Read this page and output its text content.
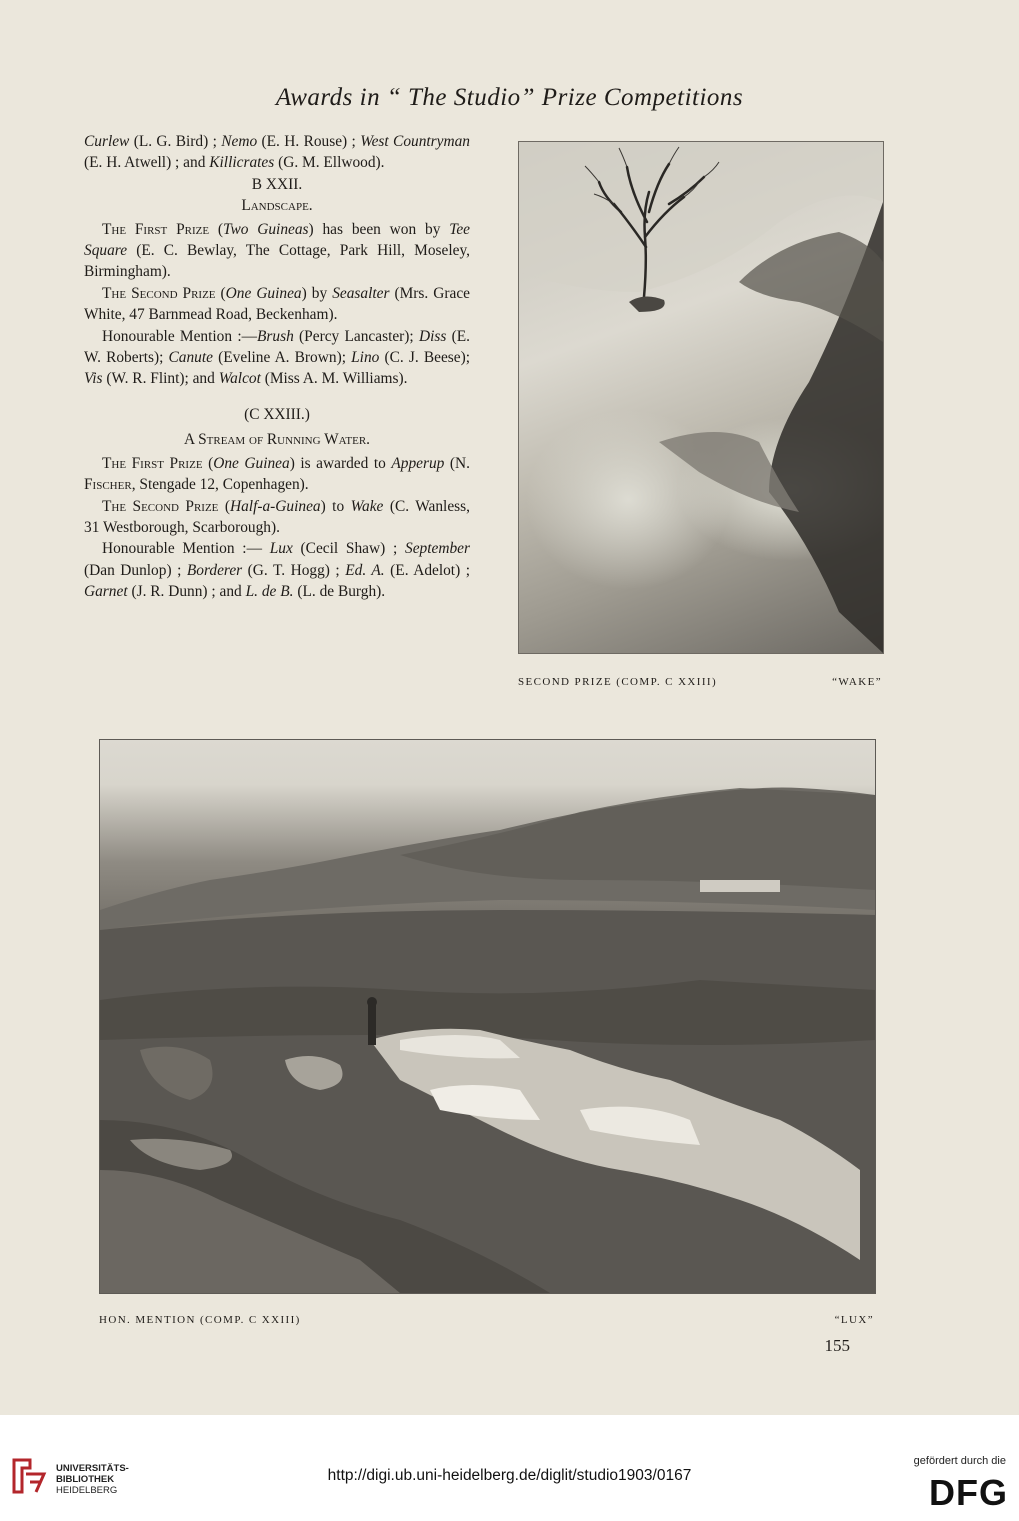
Awards in “ The Studio” Prize Competitions

Curlew (L. G. Bird) ; Nemo (E. H. Rouse) ; West Countryman (E. H. Atwell) ; and Killicrates (G. M. Ellwood).

B XXII.

Landscape.

The First Prize (Two Guineas) has been won by Tee Square (E. C. Bewlay, The Cottage, Park Hill, Moseley, Birmingham).

The Second Prize (One Guinea) by Seasalter (Mrs. Grace White, 47 Barnmead Road, Beckenham).

Honourable Mention :—Brush (Percy Lancaster); Diss (E. W. Roberts); Canute (Eveline A. Brown); Lino (C. J. Beese); Vis (W. R. Flint); and Walcot (Miss A. M. Williams).

(C XXIII.)

A Stream of Running Water.

The First Prize (One Guinea) is awarded to Apperup (N. Fischer, Stengade 12, Copenhagen).

The Second Prize (Half-a-Guinea) to Wake (C. Wanless, 31 Westborough, Scarborough).

Honourable Mention :— Lux (Cecil Shaw) ; September (Dan Dunlop) ; Borderer (G. T. Hogg) ; Ed. A. (E. Adelot) ; Garnet (J. R. Dunn) ; and L. de B. (L. de Burgh).

SECOND PRIZE (COMP. C XXIII)	“WAKE”
HON. MENTION (COMP. C XXIII)	“LUX”
155
UNIVERSITÄTS-
BIBLIOTHEK
HEIDELBERG
http://digi.ub.uni-heidelberg.de/diglit/studio1903/0167
gefördert durch die
DFG
